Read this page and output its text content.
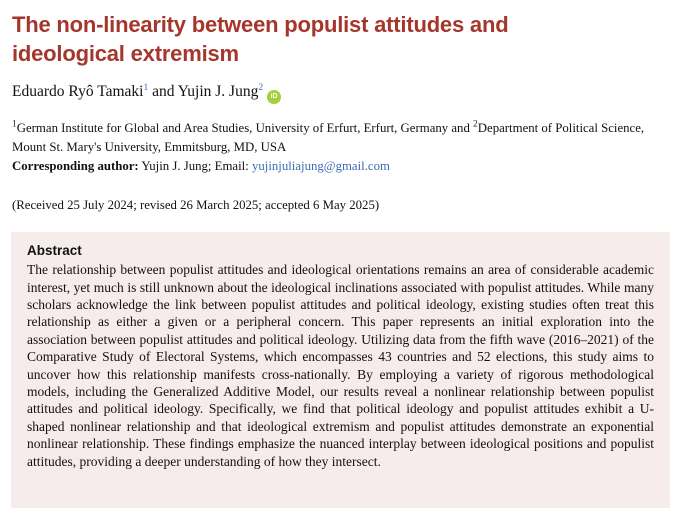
The non-linearity between populist attitudes and ideological extremism

Eduardo Ryô Tamaki$^1$ and Yujin J. Jung$^2$iD

$^1$German Institute for Global and Area Studies, University of Erfurt, Erfurt, Germany and $^2$Department of Political Science, Mount St. Mary's University, Emmitsburg, MD, USA

Corresponding author: Yujin J. Jung; Email: yujinjuliajung@gmail.com

(Received 25 July 2024; revised 26 March 2025; accepted 6 May 2025)

Abstract

The relationship between populist attitudes and ideological orientations remains an area of considerable academic interest, yet much is still unknown about the ideological inclinations associated with populist attitudes. While many scholars acknowledge the link between populist attitudes and political ideology, existing studies often treat this relationship as either a given or a peripheral concern. This paper represents an initial exploration into the association between populist attitudes and political ideology. Utilizing data from the fifth wave (2016–2021) of the Comparative Study of Electoral Systems, which encompasses 43 countries and 52 elections, this study aims to uncover how this relationship manifests cross-nationally. By employing a variety of rigorous methodological models, including the Generalized Additive Model, our results reveal a nonlinear relationship between populist attitudes and political ideology. Specifically, we find that political ideology and populist attitudes exhibit a U-shaped nonlinear relationship and that ideological extremism and populist attitudes demonstrate an exponential nonlinear relationship. These findings emphasize the nuanced interplay between ideological positions and populist attitudes, providing a deeper understanding of how they intersect.
